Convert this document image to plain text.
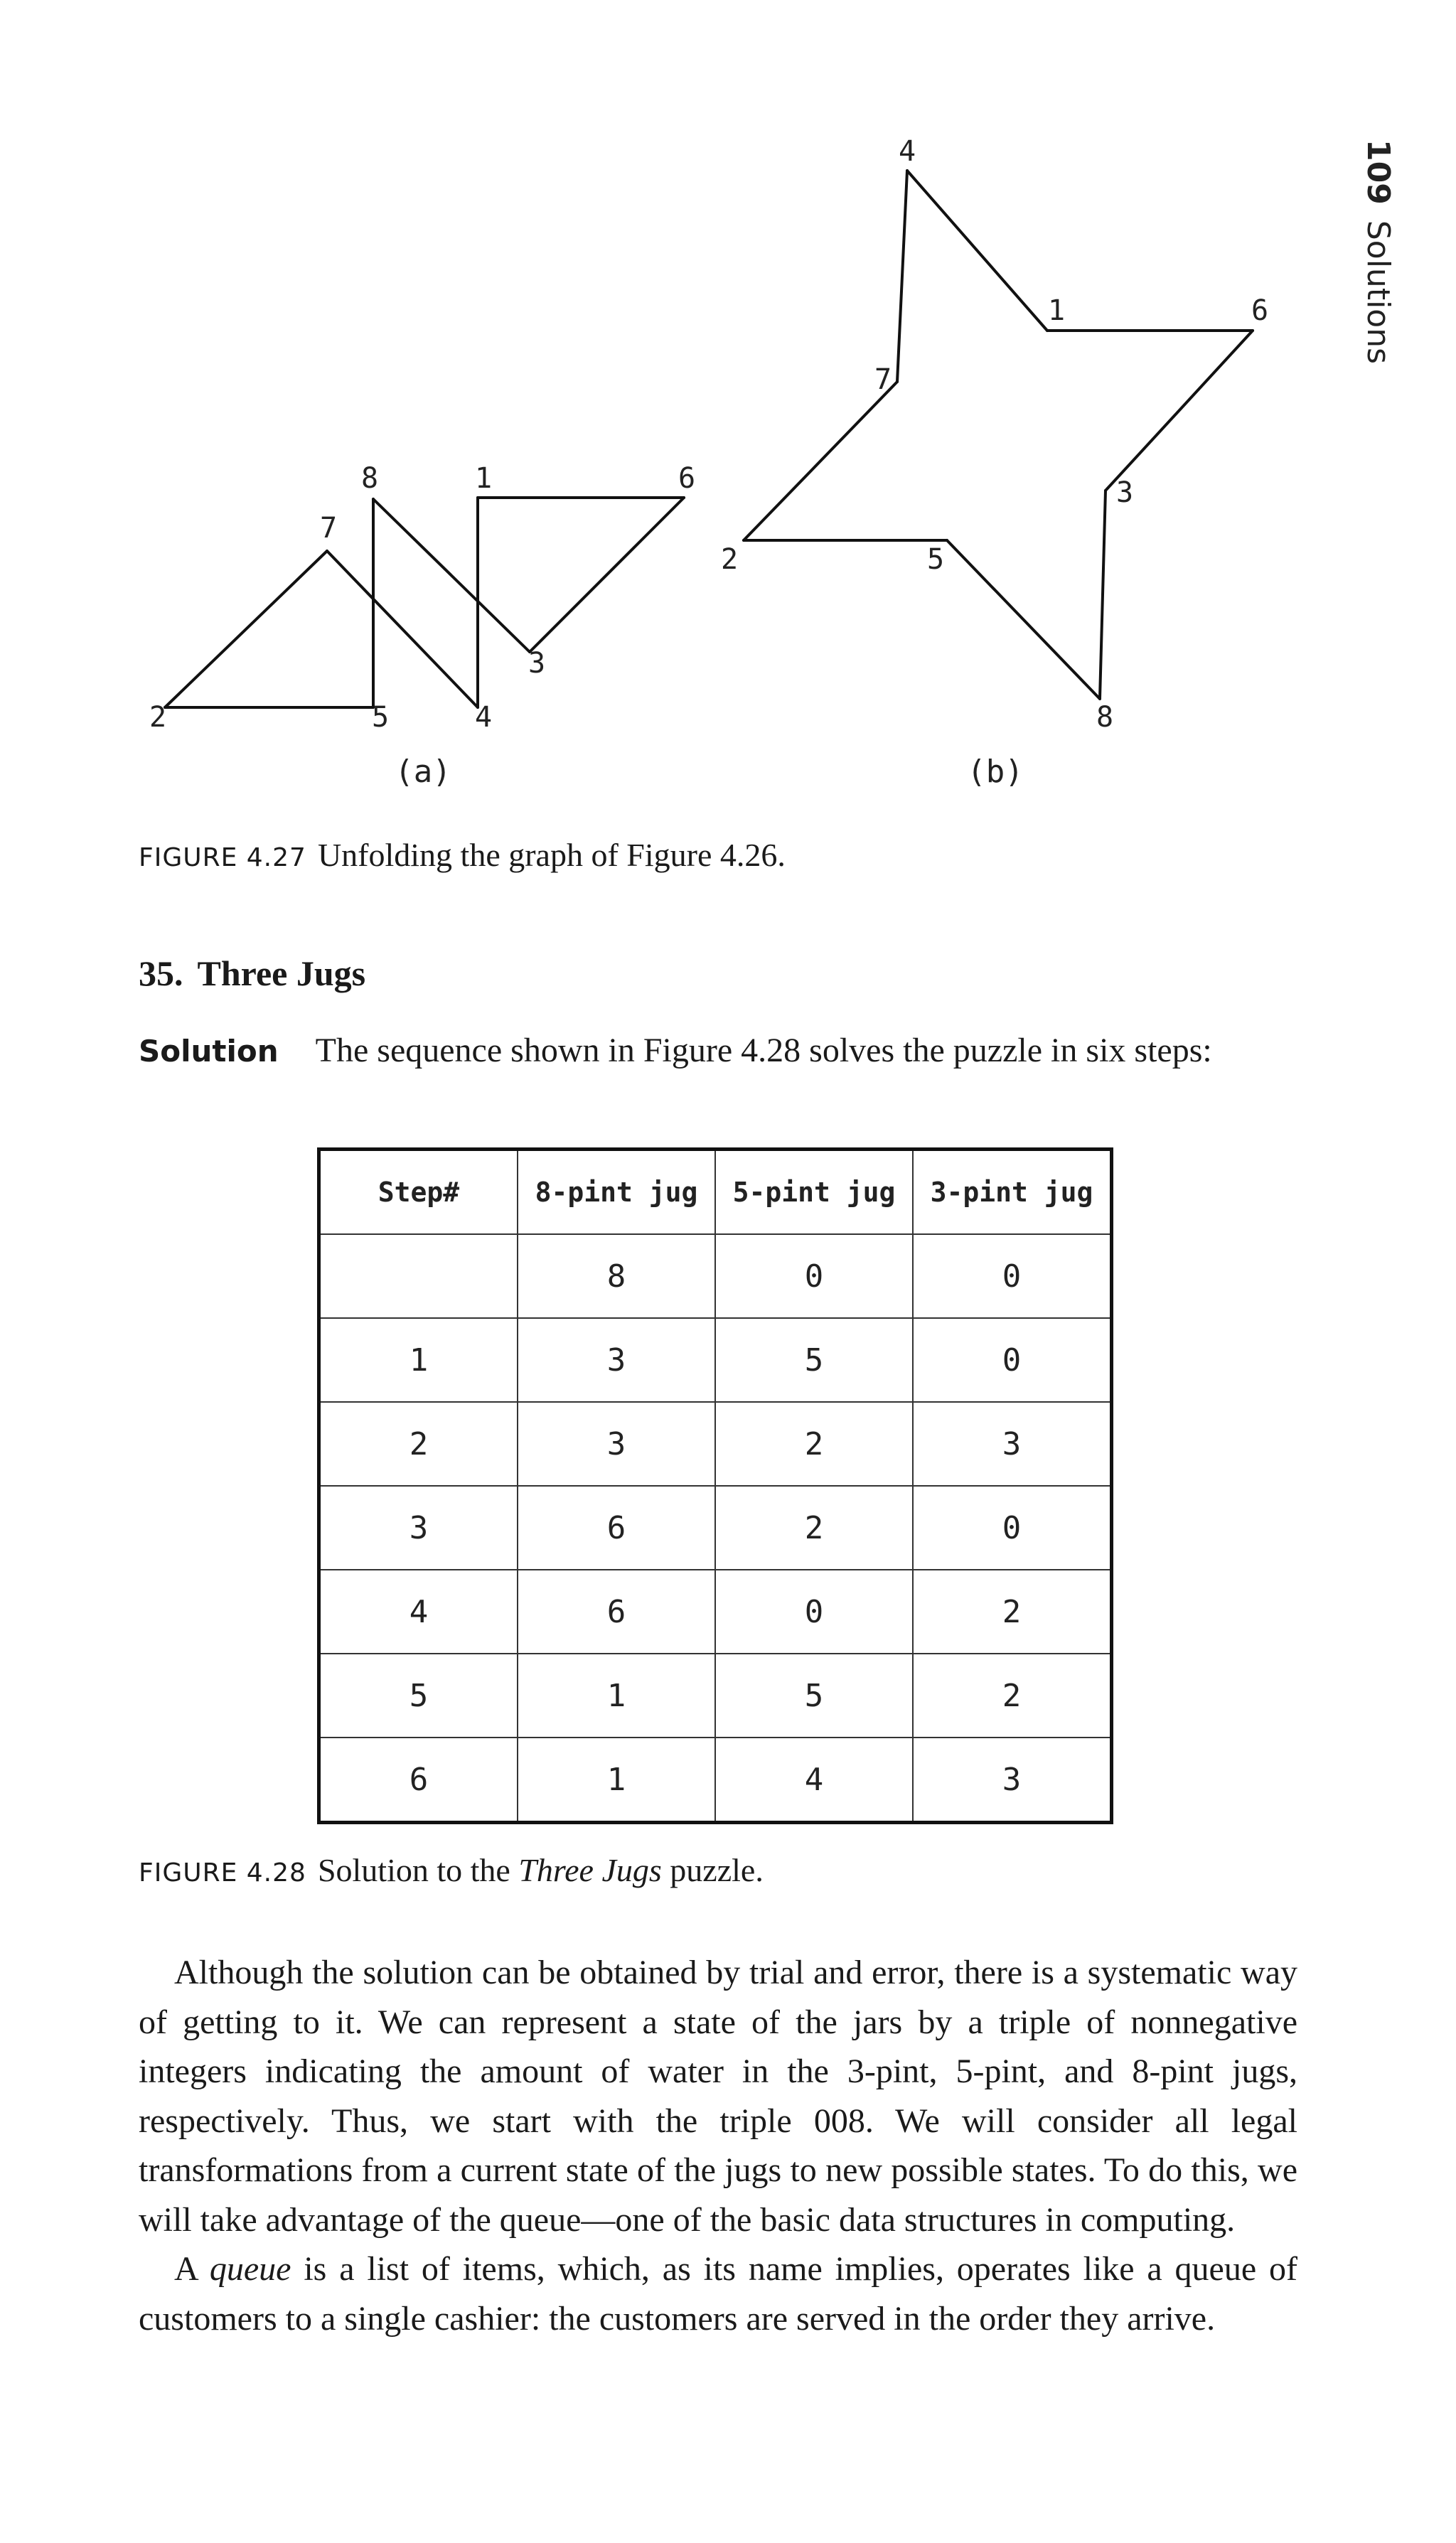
109Solutions
2	5
7
8
4
1	6
3
4
1	6
3
8
5
2
7
(a)	(b)
FIGURE 4.27 Unfolding the graph of Figure 4.26.
35. Three Jugs
Solution The sequence shown in Figure 4.28 solves the puzzle in six steps:
Step#	8-pint jug	5-pint jug	3-pint jug
	8	0	0
1	3	5	0
2	3	2	3
3	6	2	0
4	6	0	2
5	1	5	2
6	1	4	3
FIGURE 4.28 Solution to the Three Jugs puzzle.

Although the solution can be obtained by trial and error, there is a systematic way of getting to it. We can represent a state of the jars by a triple of nonnegative integers indicating the amount of water in the 3-pint, 5-pint, and 8-pint jugs, respectively. Thus, we start with the triple 008. We will consider all legal transformations from a current state of the jugs to new possible states. To do this, we will take advantage of the queue—one of the basic data structures in computing.

A queue is a list of items, which, as its name implies, operates like a queue of customers to a single cashier: the customers are served in the order they arrive.
